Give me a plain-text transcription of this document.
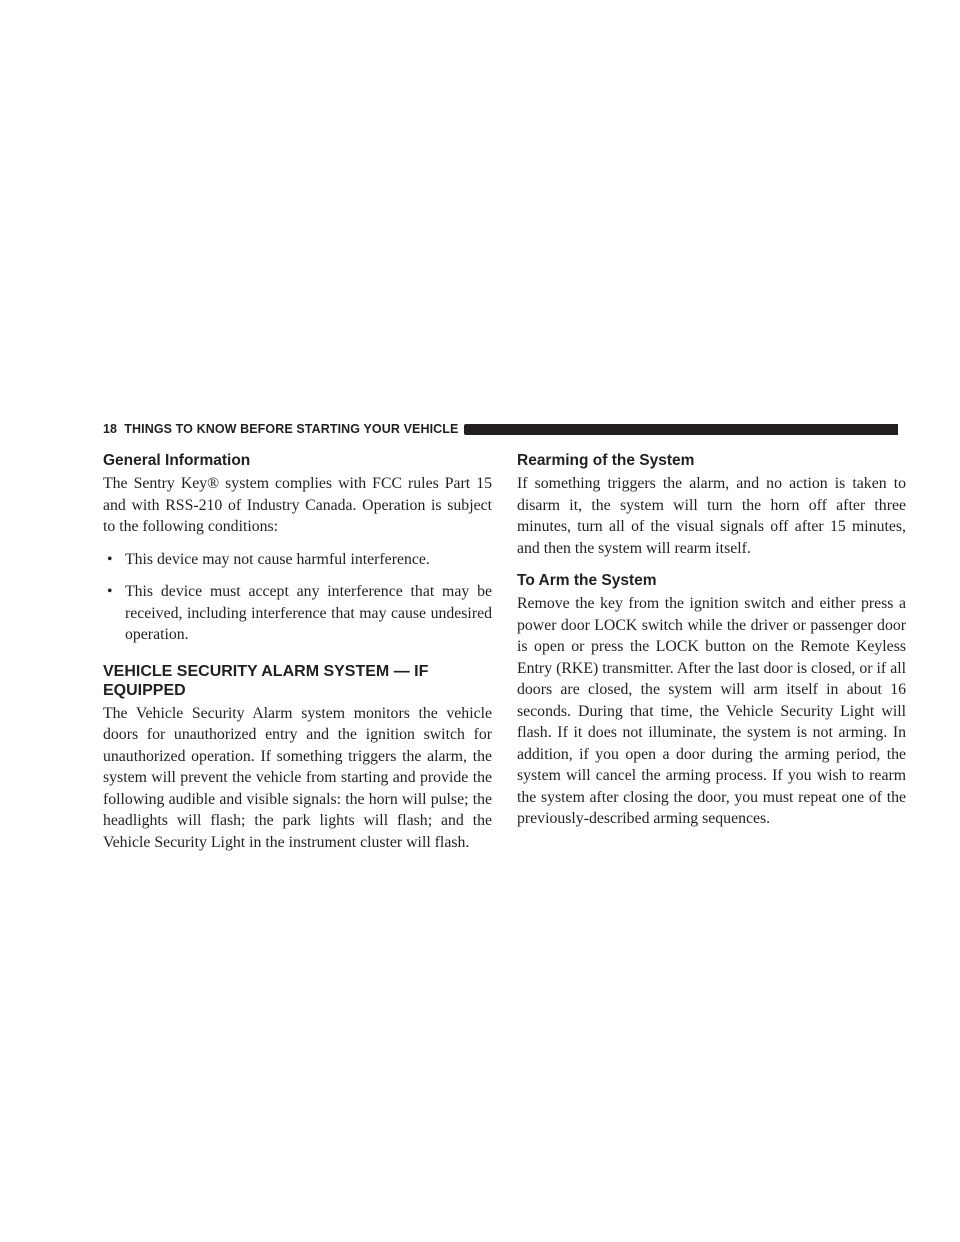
18 THINGS TO KNOW BEFORE STARTING YOUR VEHICLE
General Information

The Sentry Key® system complies with FCC rules Part 15 and with RSS-210 of Industry Canada. Operation is subject to the following conditions:

• This device may not cause harmful interference.
• This device must accept any interference that may be received, including interference that may cause undesired operation.
VEHICLE SECURITY ALARM SYSTEM — IF EQUIPPED

The Vehicle Security Alarm system monitors the vehicle doors for unauthorized entry and the ignition switch for unauthorized operation. If something triggers the alarm, the system will prevent the vehicle from starting and provide the following audible and visible signals: the horn will pulse; the headlights will flash; the park lights will flash; and the Vehicle Security Light in the instrument cluster will flash.

Rearming of the System

If something triggers the alarm, and no action is taken to disarm it, the system will turn the horn off after three minutes, turn all of the visual signals off after 15 minutes, and then the system will rearm itself.

To Arm the System

Remove the key from the ignition switch and either press a power door LOCK switch while the driver or passenger door is open or press the LOCK button on the Remote Keyless Entry (RKE) transmitter. After the last door is closed, or if all doors are closed, the system will arm itself in about 16 seconds. During that time, the Vehicle Security Light will flash. If it does not illuminate, the system is not arming. In addition, if you open a door during the arming period, the system will cancel the arming process. If you wish to rearm the system after closing the door, you must repeat one of the previously-described arming sequences.
